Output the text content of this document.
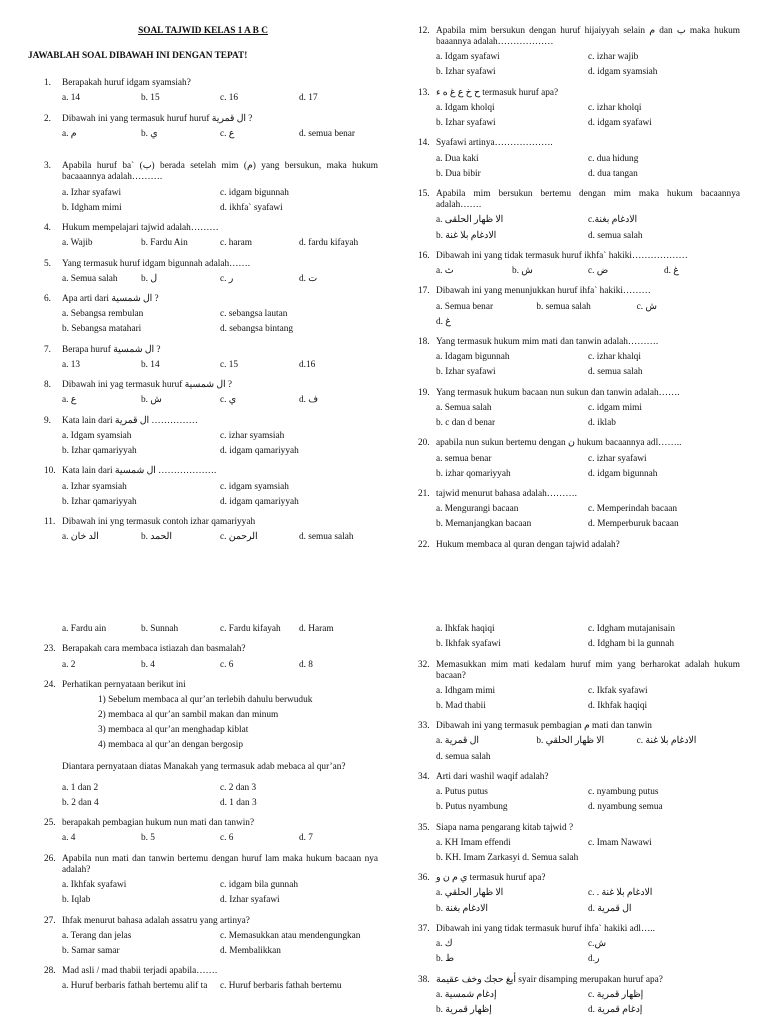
SOAL TAJWID KELAS 1 A B C
JAWABLAH SOAL DIBAWAH INI DENGAN TEPAT!
1. Berapakah huruf idgam syamsiah?
a. 14	b. 15	c. 16	d. 17
2. Dibawah ini yang termasuk huruf huruf ال قمرية ?
a. م	b. ي	c. ع	d. semua benar
3. Apabila huruf ba` (ب) berada setelah mim (م) yang bersukun, maka hukum bacaaannya adalah……….
a. Izhar syafawi	c. idgam bigunnah
b. Idgham mimi	d. ikhfa` syafawi
4. Hukum mempelajari tajwid adalah………
a. Wajib	b. Fardu Ain	c. haram	d. fardu kifayah
5. Yang termasuk huruf idgam bigunnah adalah…….
a. Semua salah	b. ل	c. ر	d. ت
6. Apa arti dari ال شمسية ?
a. Sebangsa rembulan	c. sebangsa lautan
b. Sebangsa matahari	d. sebangsa bintang
7. Berapa huruf ال شمسية ?
a. 13	b. 14	c. 15	d.16
8. Dibawah ini yag termasuk huruf ال شمسية ?
a. ع	b. ش	c. ي	d. ف
9. Kata lain dari ال قمرية ……………
a. Idgam syamsiah	c. izhar syamsiah
b. Izhar qamariyyah	d. idgam qamariyyah
10. Kata lain dari ال شمسية ……………….
a. Izhar syamsiah	c. idgam syamsiah
b. Izhar qamariyyah	d. idgam qamariyyah
11. Dibawah ini yng termasuk contoh izhar qamariyyah
a. الد خان	b. الحمد	c. الرحمن	d. semua salah
12. Apabila mim bersukun dengan huruf hijaiyyah selain م dan ب maka hukum baaannya adalah………………
a. Idgam syafawi	c. izhar wajib
b. Izhar syafawi	d. idgam syamsiah
13. ح خ ع غ ه ء termasuk huruf apa?
a. Idgam kholqi	c. izhar kholqi
b. Izhar syafawi	d. idgam syafawi
14. Syafawi artinya……………….
a. Dua kaki	c. dua hidung
b. Dua bibir	d. dua tangan
15. Apabila mim bersukun bertemu dengan mim maka hukum bacaannya adalah…….
a. الا ظهار الحلقى	c.الادغام بغنة
b. الادغام بلا غنة	d. semua salah
16. Dibawah ini yang tidak termasuk huruf ikhfa` hakiki………………
a. ث	b. ش	c. ض	d. غ
17. Dibawah ini yang menunjukkan huruf ihfa` hakiki………
a. Semua benar	b. semua salah	c. ش
d. غ
18. Yang termasuk hukum mim mati dan tanwin adalah……….
a. Idagam bigunnah	c. izhar khalqi
b. Izhar syafawi	d. semua salah
19. Yang termasuk hukum bacaan nun sukun dan tanwin adalah…….
a. Semua salah	c. idgam mimi
b. c dan d benar	d. iklab
20. apabila nun sukun bertemu dengan ن hukum bacaannya adl……..
a. semua benar	c. izhar syafawi
b. izhar qomariyyah	d. idgam bigunnah
21. tajwid menurut bahasa adalah……….
a. Mengurangi bacaan	c. Memperindah bacaan
b. Memanjangkan bacaan	d. Memperburuk bacaan
22. Hukum membaca al quran dengan tajwid adalah?
a. Fardu ain	b. Sunnah	c. Fardu kifayah	d. Haram
23. Berapakah cara membaca istiazah dan basmalah?
a. 2	b. 4	c. 6	d. 8
24. Perhatikan pernyataan berikut ini
1) Sebelum membaca al qur’an terlebih dahulu berwuduk
2) membaca al qur’an sambil makan dan minum
3) membaca al qur’an menghadap kiblat
4) membaca al qur’an dengan bergosip
Diantara pernyataan diatas Manakah yang termasuk adab mebaca al qur’an?
a. 1 dan 2	c. 2 dan 3
b. 2 dan 4	d. 1 dan 3
25. berapakah pembagian hukum nun mati dan tanwin?
a. 4	b. 5	c. 6	d. 7
26. Apabila nun mati dan tanwin bertemu dengan huruf lam maka hukum bacaan nya adalah?
a. Ikhfak syafawi	c. idgam bila gunnah
b. Iqlab	d. Izhar syafawi
27. Ihfak menurut bahasa adalah assatru yang artinya?
a. Terang dan jelas	c. Memasukkan atau mendengungkan
b. Samar samar	d. Membalikkan
28. Mad asli / mad thabii terjadi apabila…….
a. Huruf berbaris fathah bertemu alif ta	c. Huruf berbaris fathah bertemu
a. Ihkfak haqiqi	c. Idgham mutajanisain
b. Ikhfak syafawi	d. Idgham bi la gunnah
32. Memasukkan mim mati kedalam huruf mim yang berharokat adalah hukum bacaan?
a. Idhgam mimi	c. Ikfak syafawi
b. Mad thabii	d. Ikhfak haqiqi
33. Dibawah ini yang termasuk pembagian م mati dan tanwin
a. ال قمرية	b. الا ظهار الحلقي	c. الادغام بلا غنة
d. semua salah
34. Arti dari washil waqif adalah?
a. Putus putus	c. nyambung putus
b. Putus nyambung	d. nyambung semua
35. Siapa nama pengarang kitab tajwid ?
a. KH Imam effendi	c. Imam Nawawi
b. KH. Imam Zarkasyi d. Semua salah
36. ي م ن و termasuk huruf apa?
a. الا ظهار الحلقي	c. . الادغام بلا غنة
b. الادغام بغنة	d. ال قمرية
37. Dibawah ini yang tidak termasuk huruf ihfa` hakiki adl…..
a. ك	c.ش
b. ط	d.ر
38. أيغ حجك وخف عقيمة syair disamping merupakan huruf apa?
a. إدغام شمسية	c. إظهار قمرية
b. إظهار قمرية	d. إدغام قمرية
